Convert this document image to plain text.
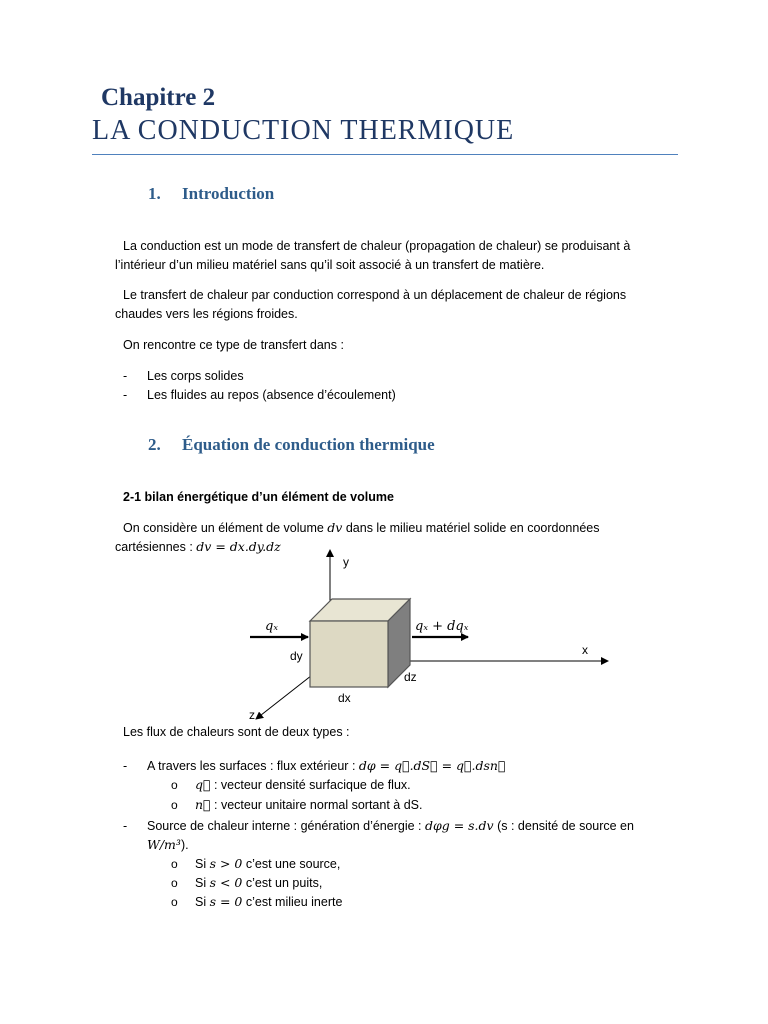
Chapitre 2
LA CONDUCTION THERMIQUE
1. Introduction
La conduction est un mode de transfert de chaleur (propagation de chaleur) se produisant à
l’intérieur d’un milieu matériel sans qu’il soit associé à un transfert de matière.
Le transfert de chaleur par conduction correspond à un déplacement de chaleur de régions
chaudes vers les régions froides.
On rencontre ce type de transfert dans :
- Les corps solides
- Les fluides au repos (absence d’écoulement)
2. Équation de conduction thermique
2-1 bilan énergétique d’un élément de volume
On considère un élément de volume dv dans le milieu matériel solide en coordonnées
cartésiennes : dv = dx.dy.dz
y
x
z
qₓ	qₓ + dqₓ
dy
dz
dx
Les flux de chaleurs sont de deux types :
- A travers les surfaces : flux extérieur : dφ = q⃗.dS⃗ = q⃗.dsn⃗
o q⃗ : vecteur densité surfacique de flux.
o n⃗ : vecteur unitaire normal sortant à dS.
- Source de chaleur interne : génération d’énergie : dφg = s.dv (s : densité de source en
W/m³).
o Si s > 0 c’est une source,
o Si s < 0 c’est un puits,
o Si s = 0 c’est milieu inerte
